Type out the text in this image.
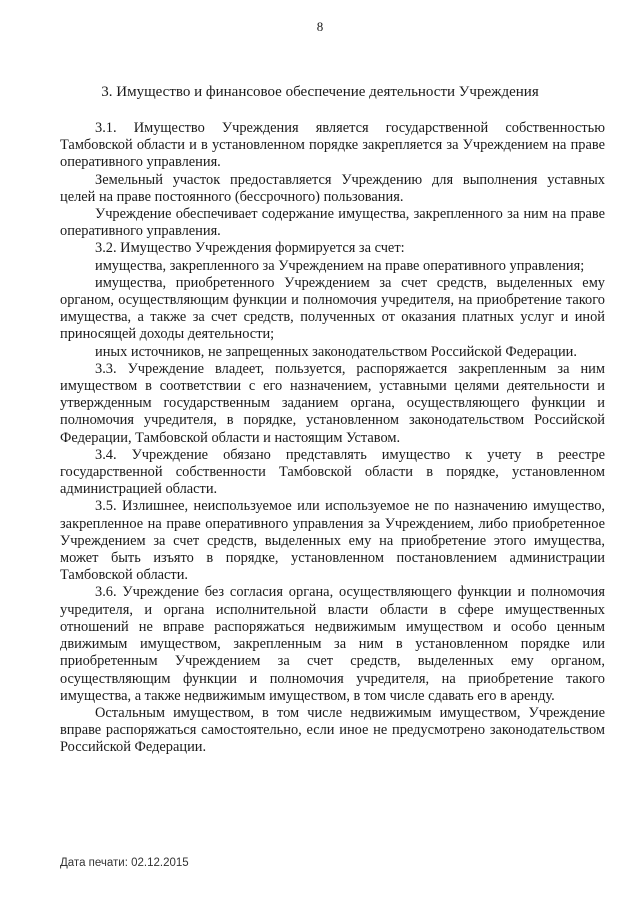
8
3. Имущество и финансовое обеспечение деятельности Учреждения

3.1. Имущество Учреждения является государственной собственностью Тамбовской области и в установленном порядке закрепляется за Учреждением на праве оперативного управления.

Земельный участок предоставляется Учреждению для выполнения уставных целей на праве постоянного (бессрочного) пользования.

Учреждение обеспечивает содержание имущества, закрепленного за ним на праве оперативного управления.

3.2. Имущество Учреждения формируется за счет:

имущества, закрепленного за Учреждением на праве оперативного управления;

имущества, приобретенного Учреждением за счет средств, выделенных ему органом, осуществляющим функции и полномочия учредителя, на приобретение такого имущества, а также за счет средств, полученных от оказания платных услуг и иной приносящей доходы деятельности;

иных источников, не запрещенных законодательством Российской Федерации.

3.3. Учреждение владеет, пользуется, распоряжается закрепленным за ним имуществом в соответствии с его назначением, уставными целями деятельности и утвержденным государственным заданием органа, осуществляющего функции и полномочия учредителя, в порядке, установленном законодательством Российской Федерации, Тамбовской области и настоящим Уставом.

3.4. Учреждение обязано представлять имущество к учету в реестре государственной собственности Тамбовской области в порядке, установленном администрацией области.

3.5. Излишнее, неиспользуемое или используемое не по назначению имущество, закрепленное на праве оперативного управления за Учреждением, либо приобретенное Учреждением за счет средств, выделенных ему на приобретение этого имущества, может быть изъято в порядке, установленном постановлением администрации Тамбовской области.

3.6. Учреждение без согласия органа, осуществляющего функции и полномочия учредителя, и органа исполнительной власти области в сфере имущественных отношений не вправе распоряжаться недвижимым имуществом и особо ценным движимым имуществом, закрепленным за ним в установленном порядке или приобретенным Учреждением за счет средств, выделенных ему органом, осуществляющим функции и полномочия учредителя, на приобретение такого имущества, а также недвижимым имуществом, в том числе сдавать его в аренду.

Остальным имуществом, в том числе недвижимым имуществом, Учреждение вправе распоряжаться самостоятельно, если иное не предусмотрено законодательством Российской Федерации.

Дата печати: 02.12.2015
